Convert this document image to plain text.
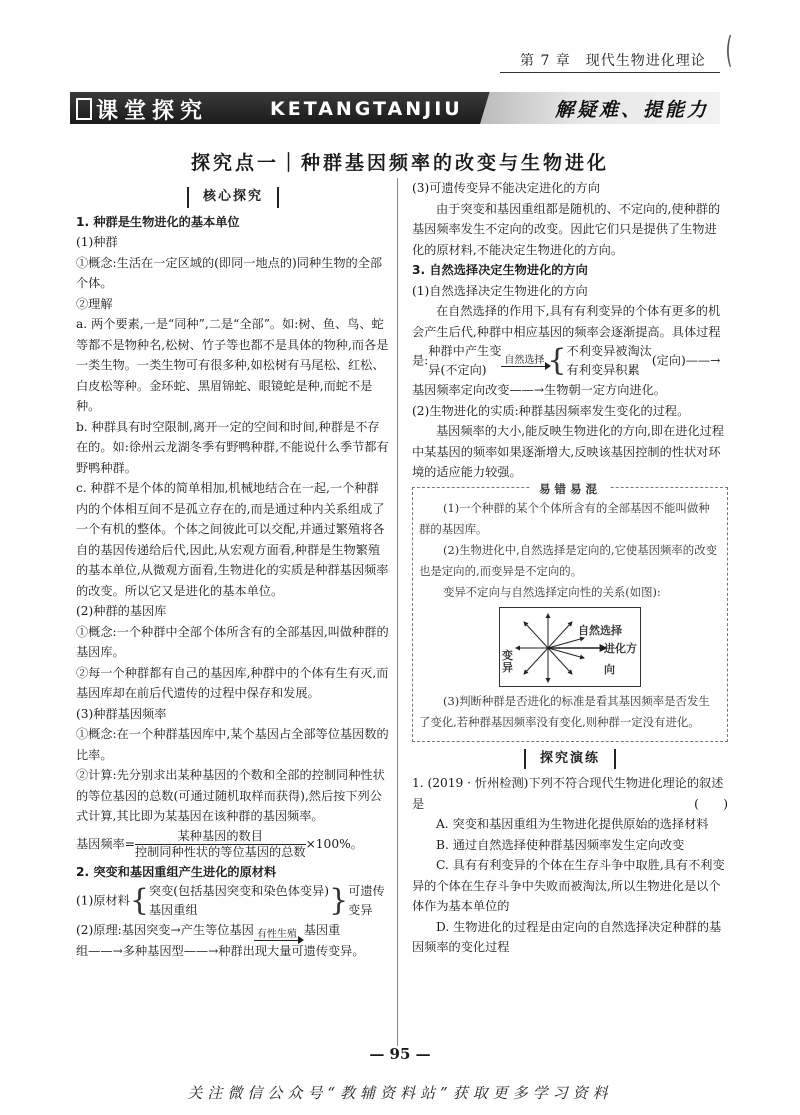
第 7 章　现代生物进化理论 (
课堂探究	KETANGTANJIU	解疑难、提能力
探究点一｜种群基因频率的改变与生物进化
核心探究

1. 种群是生物进化的基本单位

(1)种群

①概念:生活在一定区域的(即同一地点的)同种生物的全部个体。

②理解

a. 两个要素,一是“同种”,二是“全部”。如:树、鱼、鸟、蛇等都不是物种名,松树、竹子等也都不是具体的物种,而各是一类生物。一类生物可有很多种,如松树有马尾松、红松、白皮松等种。金环蛇、黑眉锦蛇、眼镜蛇是种,而蛇不是种。

b. 种群具有时空限制,离开一定的空间和时间,种群是不存在的。如:徐州云龙湖冬季有野鸭种群,不能说什么季节都有野鸭种群。

c. 种群不是个体的简单相加,机械地结合在一起,一个种群内的个体相互间不是孤立存在的,而是通过种内关系组成了一个有机的整体。个体之间彼此可以交配,并通过繁殖将各自的基因传递给后代,因此,从宏观方面看,种群是生物繁殖的基本单位,从微观方面看,生物进化的实质是种群基因频率的改变。所以它又是进化的基本单位。

(2)种群的基因库

①概念:一个种群中全部个体所含有的全部基因,叫做种群的基因库。

②每一个种群都有自己的基因库,种群中的个体有生有灭,而基因库却在前后代遗传的过程中保存和发展。

(3)种群基因频率

①概念:在一个种群基因库中,某个基因占全部等位基因数的比率。

②计算:先分别求出某种基因的个数和全部的控制同种性状的等位基因的总数(可通过随机取样而获得),然后按下列公式计算,其比即为某基因在该种群的基因频率。

基因频率= $\frac{\text{某种基因的数目}}{\text{控制同种性状的等位基因的总数}} \times 100\%$。

2. 突变和基因重组产生进化的原材料

(1)原材料{突变(包括基因突变和染色体变异)
基因重组	}可遗传
变异

(2)原理:基因突变→产生等位基因 有性生殖 基因重

组——→多种基因型——→种群出现大量可遗传变异。

(3)可遗传变异不能决定进化的方向

由于突变和基因重组都是随机的、不定向的,使种群的基因频率发生不定向的改变。因此它们只是提供了生物进化的原材料,不能决定生物进化的方向。

3. 自然选择决定生物进化的方向

(1)自然选择决定生物进化的方向

在自然选择的作用下,具有有利变异的个体有更多的机会产生后代,种群中相应基因的频率会逐渐提高。具体过程

是:种群中产生变
异(不定向)
自然选择 {不利变异被淘汰
有利变异积累(定向)——→

基因频率定向改变——→生物朝一定方向进化。

(2)生物进化的实质:种群基因频率发生变化的过程。

基因频率的大小,能反映生物进化的方向,即在进化过程中某基因的频率如果逐渐增大,反映该基因控制的性状对环境的适应能力较强。

易错易混

(1)一个种群的某个个体所含有的全部基因不能叫做种群的基因库。

(2)生物进化中,自然选择是定向的,它使基因频率的改变也是定向的,而变异是不定向的。

变异不定向与自然选择定向性的关系(如图):

自然选择
进化方向
变异

(3)判断种群是否进化的标准是看其基因频率是否发生了变化,若种群基因频率没有变化,则种群一定没有进化。

探究演练

1. (2019 · 忻州检测)下列不符合现代生物进化理论的叙述是	(　　)

A. 突变和基因重组为生物进化提供原始的选择材料

B. 通过自然选择使种群基因频率发生定向改变

C. 具有有利变异的个体在生存斗争中取胜,具有不利变异的个体在生存斗争中失败而被淘汰,所以生物进化是以个体作为基本单位的

D. 生物进化的过程是由定向的自然选择决定种群的基因频率的变化过程

— 95 —
关注微信公众号“教辅资料站”获取更多学习资料
